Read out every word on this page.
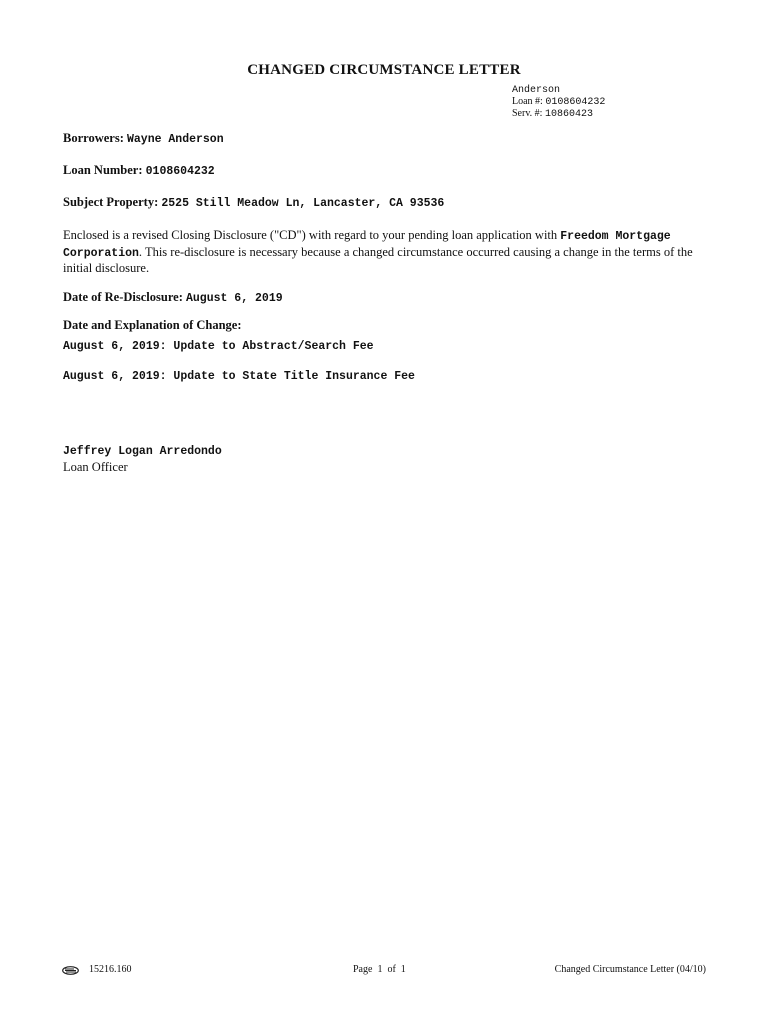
CHANGED CIRCUMSTANCE LETTER
Anderson
Loan #: 0108604232
Serv. #: 10860423
Borrowers: Wayne Anderson
Loan Number: 0108604232
Subject Property: 2525 Still Meadow Ln, Lancaster, CA 93536
Enclosed is a revised Closing Disclosure ("CD") with regard to your pending loan application with Freedom Mortgage Corporation. This re-disclosure is necessary because a changed circumstance occurred causing a change in the terms of the initial disclosure.
Date of Re-Disclosure: August 6, 2019
Date and Explanation of Change:
August 6, 2019: Update to Abstract/Search Fee
August 6, 2019: Update to State Title Insurance Fee
Jeffrey Logan Arredondo
Loan Officer
15216.160	Page 1 of 1	Changed Circumstance Letter (04/10)
